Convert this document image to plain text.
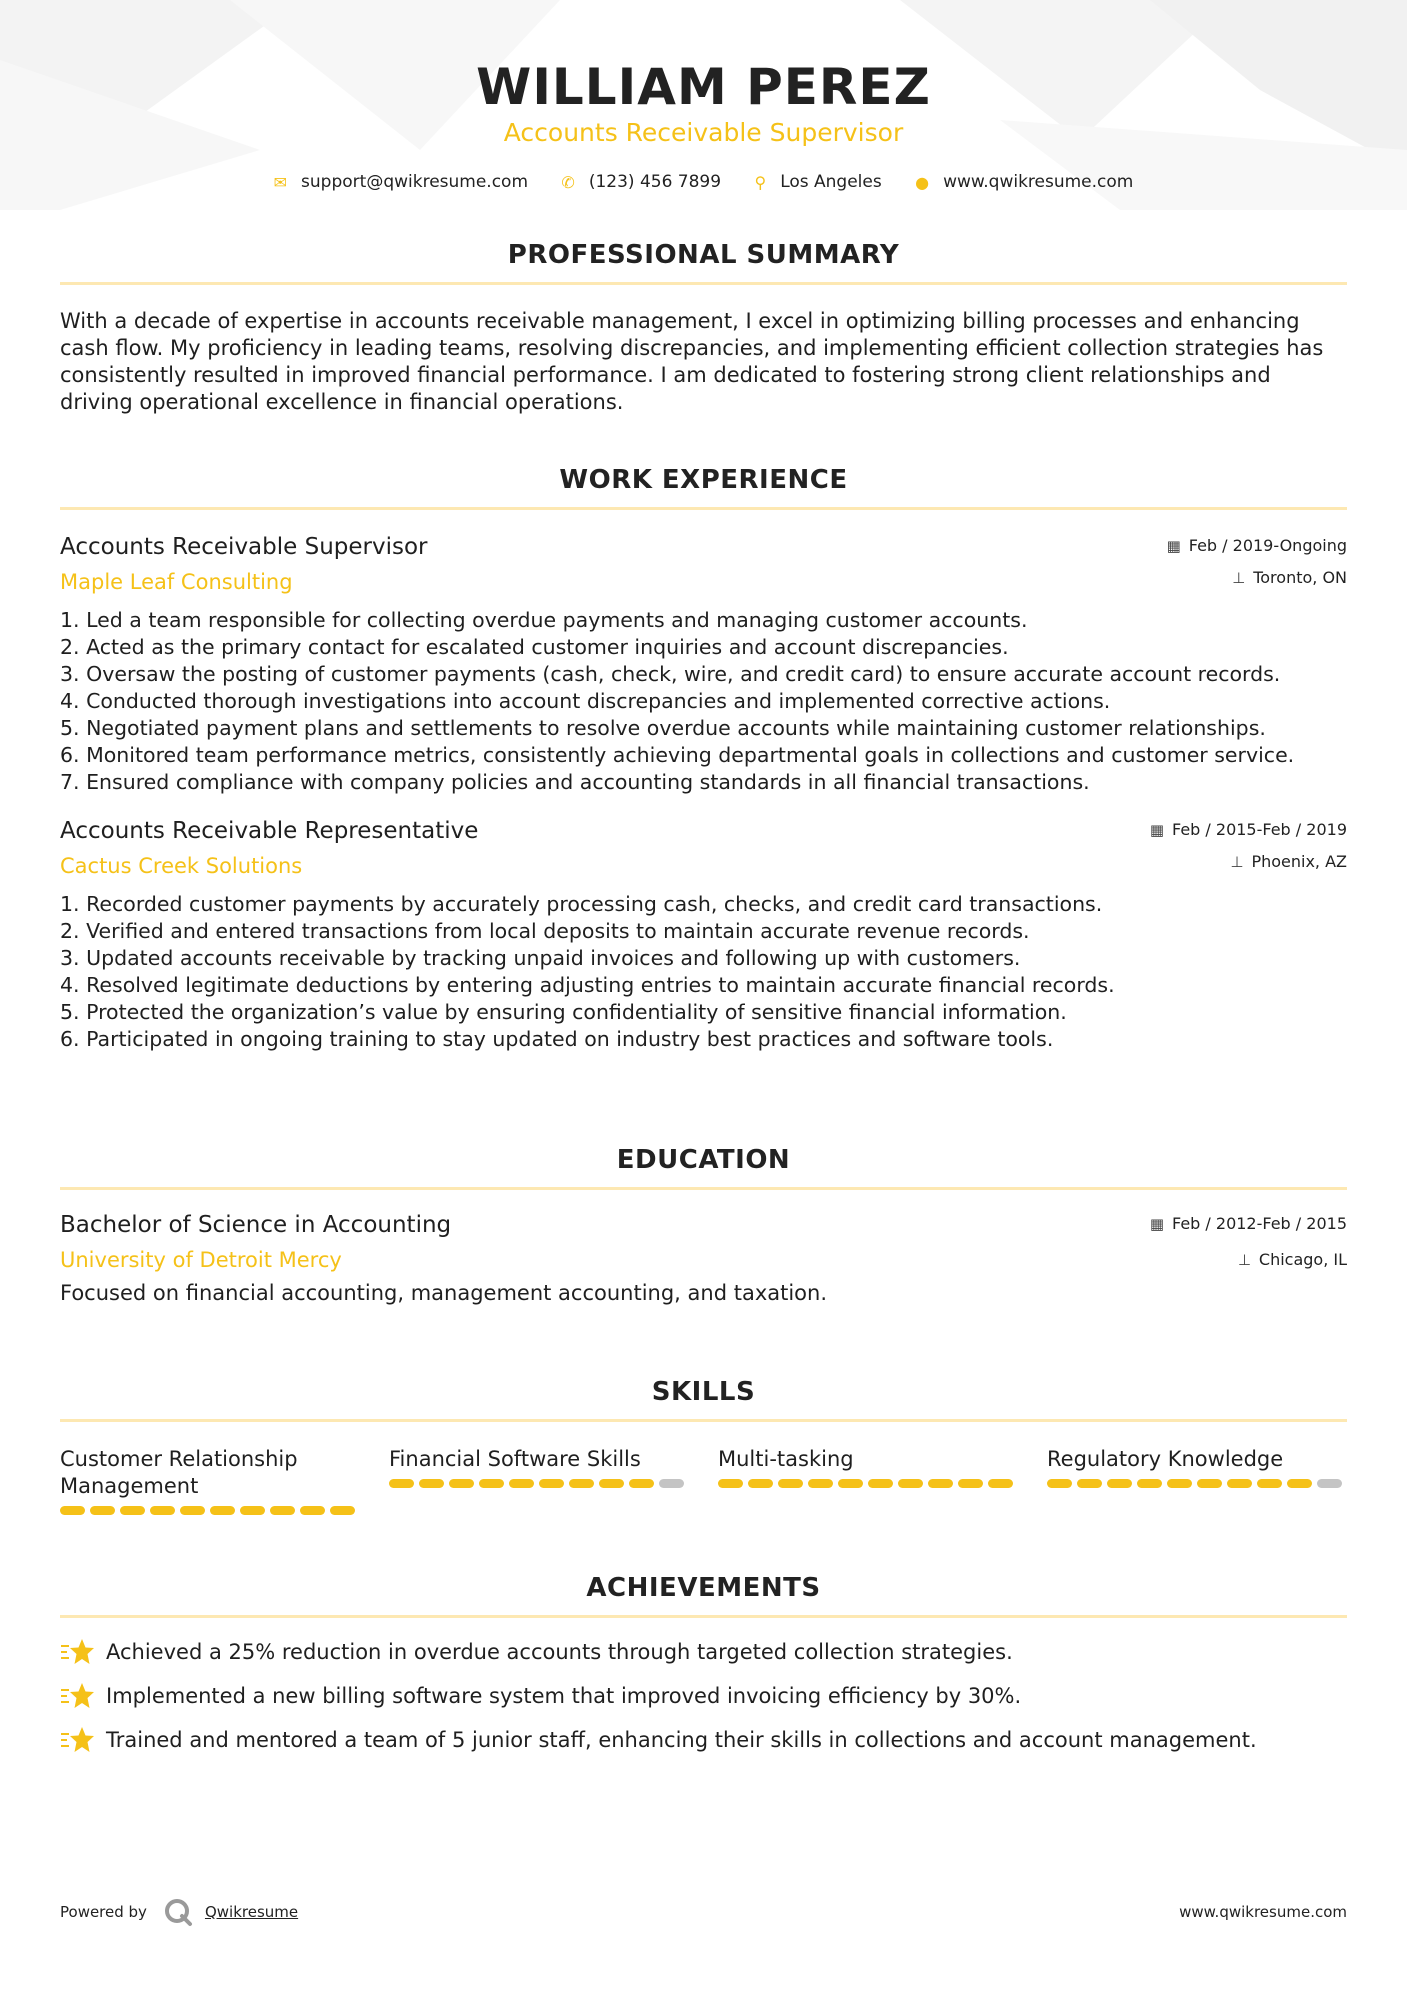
WILLIAM PEREZ
Accounts Receivable Supervisor
✉ support@qwikresume.com
✆ (123) 456 7899
⚲ Los Angeles
● www.qwikresume.com
PROFESSIONAL SUMMARY
With a decade of expertise in accounts receivable management, I excel in optimizing billing processes and enhancing cash flow. My proficiency in leading teams, resolving discrepancies, and implementing efficient collection strategies has consistently resulted in improved financial performance. I am dedicated to fostering strong client relationships and driving operational excellence in financial operations.
WORK EXPERIENCE
Accounts Receivable Supervisor
Maple Leaf Consulting
▦ Feb / 2019-Ongoing
⊥ Toronto, ON
1. Led a team responsible for collecting overdue payments and managing customer accounts.
2. Acted as the primary contact for escalated customer inquiries and account discrepancies.
3. Oversaw the posting of customer payments (cash, check, wire, and credit card) to ensure accurate account records.
4. Conducted thorough investigations into account discrepancies and implemented corrective actions.
5. Negotiated payment plans and settlements to resolve overdue accounts while maintaining customer relationships.
6. Monitored team performance metrics, consistently achieving departmental goals in collections and customer service.
7. Ensured compliance with company policies and accounting standards in all financial transactions.
Accounts Receivable Representative
Cactus Creek Solutions
▦ Feb / 2015-Feb / 2019
⊥ Phoenix, AZ
1. Recorded customer payments by accurately processing cash, checks, and credit card transactions.
2. Verified and entered transactions from local deposits to maintain accurate revenue records.
3. Updated accounts receivable by tracking unpaid invoices and following up with customers.
4. Resolved legitimate deductions by entering adjusting entries to maintain accurate financial records.
5. Protected the organization’s value by ensuring confidentiality of sensitive financial information.
6. Participated in ongoing training to stay updated on industry best practices and software tools.
EDUCATION
Bachelor of Science in Accounting
University of Detroit Mercy
▦ Feb / 2012-Feb / 2015
⊥ Chicago, IL
Focused on financial accounting, management accounting, and taxation.
SKILLS
Customer Relationship Management
Financial Software Skills	Multi-tasking	Regulatory Knowledge
ACHIEVEMENTS
Achieved a 25% reduction in overdue accounts through targeted collection strategies.
Implemented a new billing software system that improved invoicing efficiency by 30%.
Trained and mentored a team of 5 junior staff, enhancing their skills in collections and account management.
Powered by	Qwikresume	www.qwikresume.com
